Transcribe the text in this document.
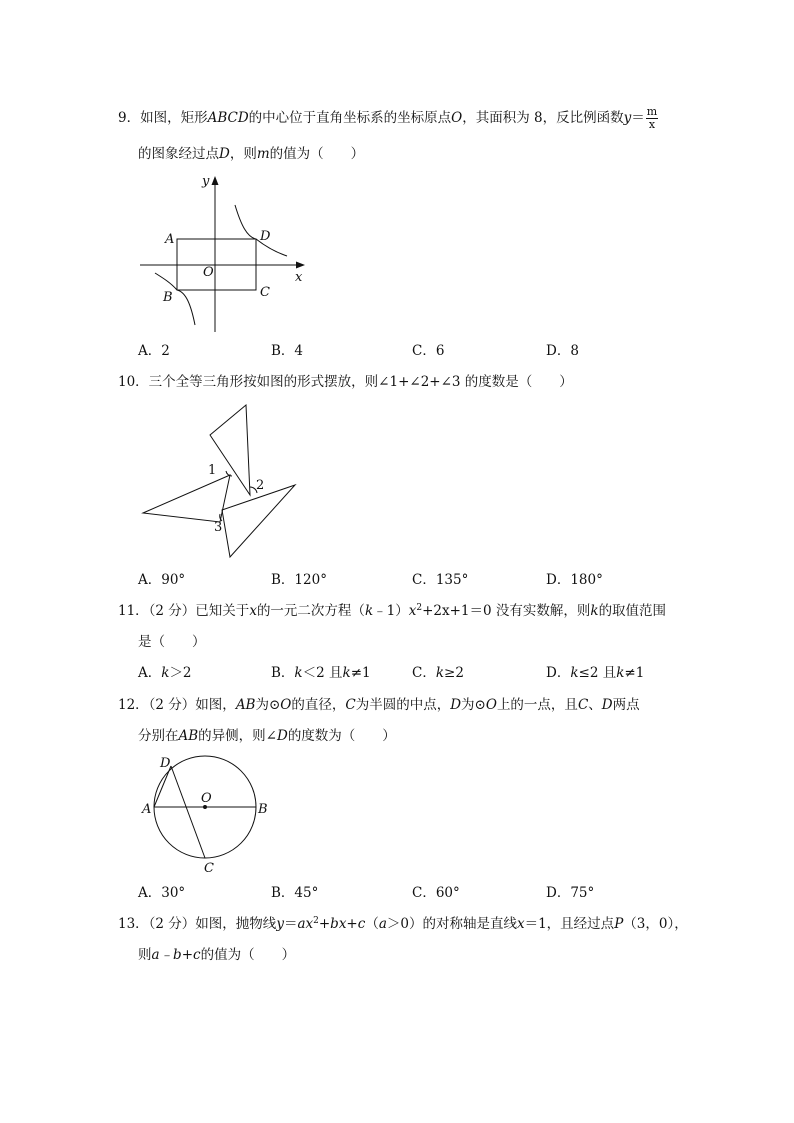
9．如图，矩形ABCD的中心位于直角坐标系的坐标原点O，其面积为 8，反比例函数$y= \frac{m}{x}$
的图象经过点D，则m的值为（　　）
y
x
A	D
O
B	C
A．2	B．4	C．6	D．8
10．三个全等三角形按如图的形式摆放，则∠1+∠2+∠3 的度数是（　　）
1
2
3
A．90°	B．120°	C．135°	D．180°
11．（2 分）已知关于x的一元二次方程$(k﹣1)x^2+2x+1=0$ 没有实数解，则k的取值范围
是（　　）
A．k＞2	B．k＜2 且k≠1	C．k≥2	D．k≤2 且k≠1
12．（2 分）如图，AB为⊙O的直径，C为半圆的中点，D为⊙O上的一点，且C、D两点
分别在AB的异侧，则∠D的度数为（　　）
D
O
A	B
C
A．30°	B．45°	C．60°	D．75°
13．（2 分）如图，抛物线$y=ax^2+bx+c(a>0)$的对称轴是直线x＝1，且经过点P（3，0），
则a﹣b+c的值为（　　）
